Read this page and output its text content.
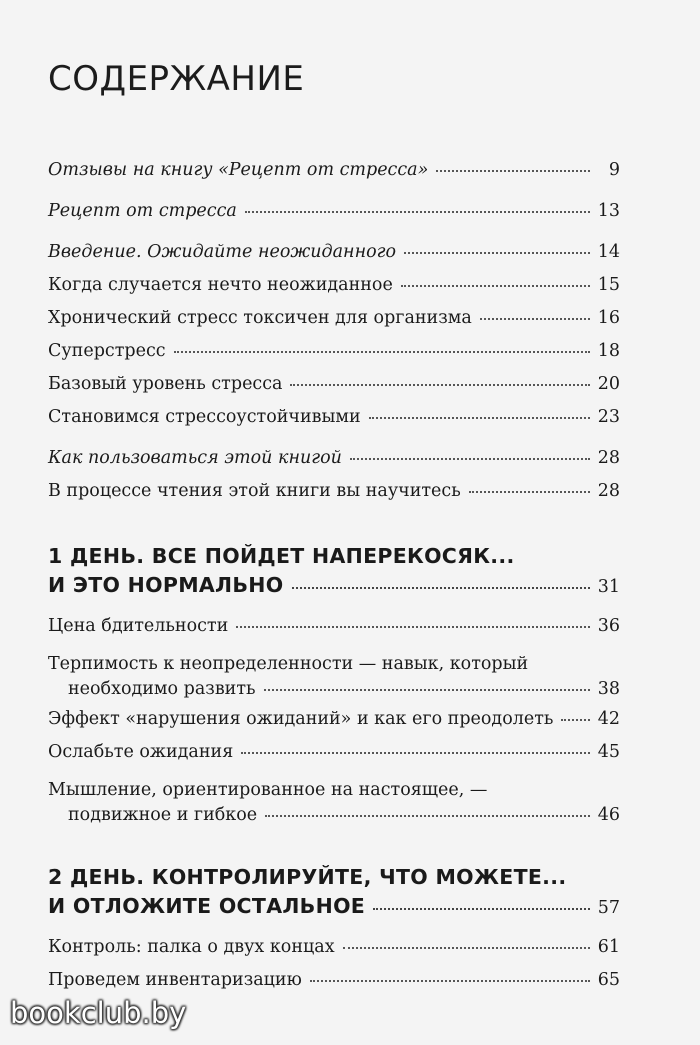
СОДЕРЖАНИЕ
Отзывы на книгу «Рецепт от стресса»	9
Рецепт от стресса	13
Введение. Ожидайте неожиданного	14
Когда случается нечто неожиданное	15
Хронический стресс токсичен для организма	16
Суперстресс	18
Базовый уровень стресса	20
Становимся стрессоустойчивыми	23
Как пользоваться этой книгой	28
В процессе чтения этой книги вы научитесь	28
1 ДЕНЬ. ВСЕ ПОЙДЕТ НАПЕРЕКОСЯК...
И ЭТО НОРМАЛЬНО	31
Цена бдительности	36
Терпимость к неопределенности — навык, который
необходимо развить	38
Эффект «нарушения ожиданий» и как его преодолеть	42
Ослабьте ожидания	45
Мышление, ориентированное на настоящее, —
подвижное и гибкое	46
2 ДЕНЬ. КОНТРОЛИРУЙТЕ, ЧТО МОЖЕТЕ...
И ОТЛОЖИТЕ ОСТАЛЬНОЕ	57
Контроль: палка о двух концах	61
Проведем инвентаризацию	65
bookclub.by
